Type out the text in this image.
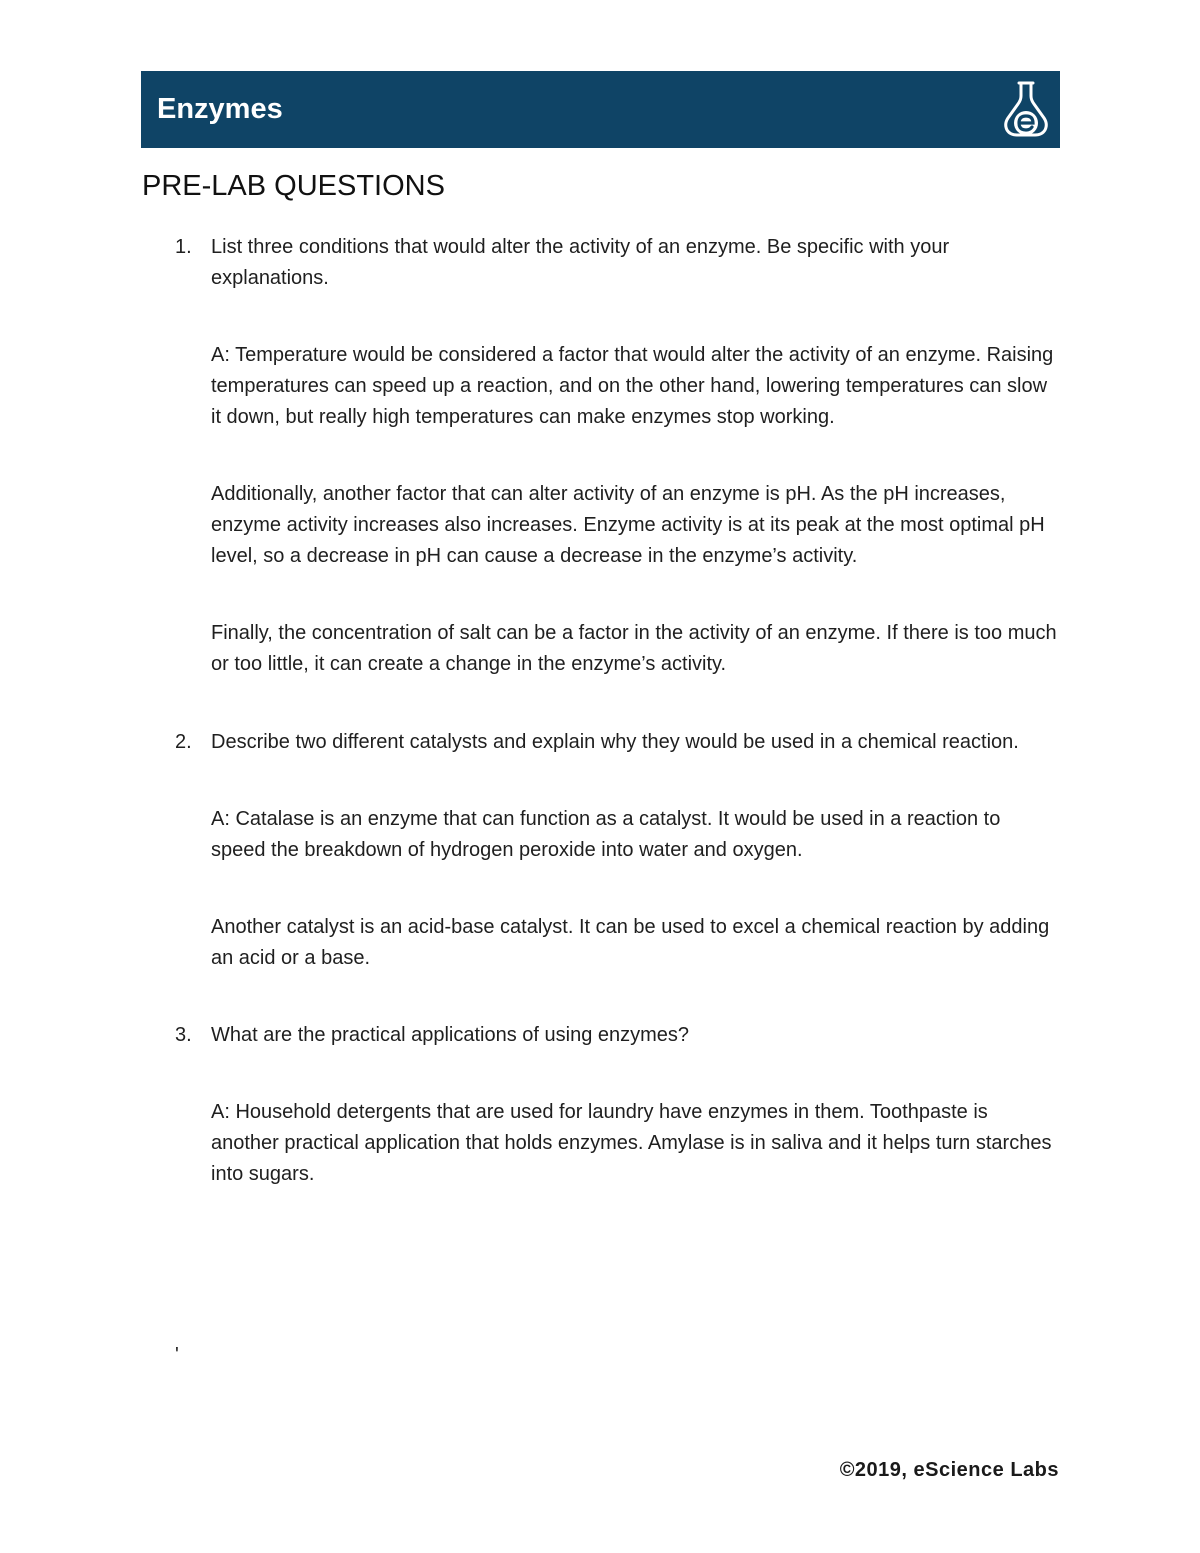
Enzymes
PRE-LAB QUESTIONS
1. List three conditions that would alter the activity of an enzyme. Be specific with your explanations.

A: Temperature would be considered a factor that would alter the activity of an enzyme. Raising temperatures can speed up a reaction, and on the other hand, lowering temperatures can slow it down, but really high temperatures can make enzymes stop working.

Additionally, another factor that can alter activity of an enzyme is pH. As the pH increases, enzyme activity increases also increases. Enzyme activity is at its peak at the most optimal pH level, so a decrease in pH can cause a decrease in the enzyme’s activity.

Finally, the concentration of salt can be a factor in the activity of an enzyme. If there is too much or too little, it can create a change in the enzyme’s activity.

2. Describe two different catalysts and explain why they would be used in a chemical reaction.

A: Catalase is an enzyme that can function as a catalyst. It would be used in a reaction to speed the breakdown of hydrogen peroxide into water and oxygen.

Another catalyst is an acid-base catalyst. It can be used to excel a chemical reaction by adding an acid or a base.

3. What are the practical applications of using enzymes?

A: Household detergents that are used for laundry have enzymes in them. Toothpaste is another practical application that holds enzymes. Amylase is in saliva and it helps turn starches into sugars.

'

©2019, eScience Labs
